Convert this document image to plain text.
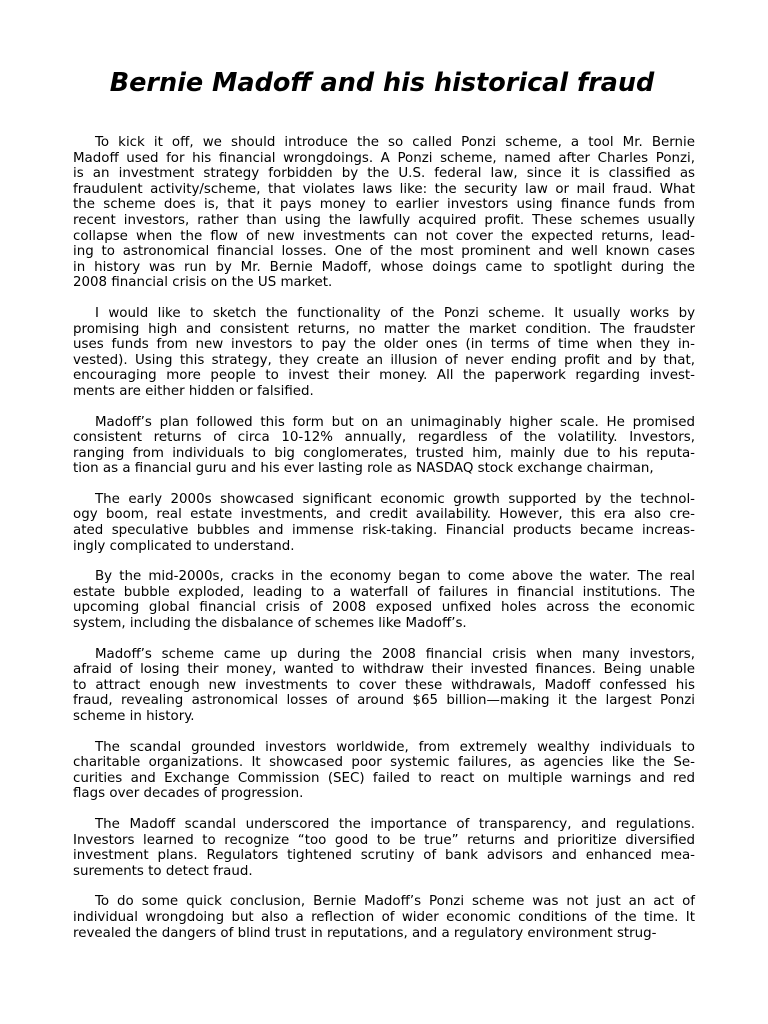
Bernie Madoff and his historical fraud
To kick it off, we should introduce the so called Ponzi scheme, a tool Mr. Bernie
Madoff used for his financial wrongdoings. A Ponzi scheme, named after Charles Ponzi,
is an investment strategy forbidden by the U.S. federal law, since it is classified as
fraudulent activity/scheme, that violates laws like: the security law or mail fraud. What
the scheme does is, that it pays money to earlier investors using finance funds from
recent investors, rather than using the lawfully acquired profit. These schemes usually
collapse when the flow of new investments can not cover the expected returns, lead-
ing to astronomical financial losses. One of the most prominent and well known cases
in history was run by Mr. Bernie Madoff, whose doings came to spotlight during the
2008 financial crisis on the US market.
I would like to sketch the functionality of the Ponzi scheme. It usually works by
promising high and consistent returns, no matter the market condition. The fraudster
uses funds from new investors to pay the older ones (in terms of time when they in-
vested). Using this strategy, they create an illusion of never ending profit and by that,
encouraging more people to invest their money. All the paperwork regarding invest-
ments are either hidden or falsified.
Madoff’s plan followed this form but on an unimaginably higher scale. He promised
consistent returns of circa 10-12% annually, regardless of the volatility. Investors,
ranging from individuals to big conglomerates, trusted him, mainly due to his reputa-
tion as a financial guru and his ever lasting role as NASDAQ stock exchange chairman,
The early 2000s showcased significant economic growth supported by the technol-
ogy boom, real estate investments, and credit availability. However, this era also cre-
ated speculative bubbles and immense risk-taking. Financial products became increas-
ingly complicated to understand.
By the mid-2000s, cracks in the economy began to come above the water. The real
estate bubble exploded, leading to a waterfall of failures in financial institutions. The
upcoming global financial crisis of 2008 exposed unfixed holes across the economic
system, including the disbalance of schemes like Madoff’s.
Madoff’s scheme came up during the 2008 financial crisis when many investors,
afraid of losing their money, wanted to withdraw their invested finances. Being unable
to attract enough new investments to cover these withdrawals, Madoff confessed his
fraud, revealing astronomical losses of around $65 billion—making it the largest Ponzi
scheme in history.
The scandal grounded investors worldwide, from extremely wealthy individuals to
charitable organizations. It showcased poor systemic failures, as agencies like the Se-
curities and Exchange Commission (SEC) failed to react on multiple warnings and red
flags over decades of progression.
The Madoff scandal underscored the importance of transparency, and regulations.
Investors learned to recognize “too good to be true” returns and prioritize diversified
investment plans. Regulators tightened scrutiny of bank advisors and enhanced mea-
surements to detect fraud.
To do some quick conclusion, Bernie Madoff’s Ponzi scheme was not just an act of
individual wrongdoing but also a reflection of wider economic conditions of the time. It
revealed the dangers of blind trust in reputations, and a regulatory environment strug-
